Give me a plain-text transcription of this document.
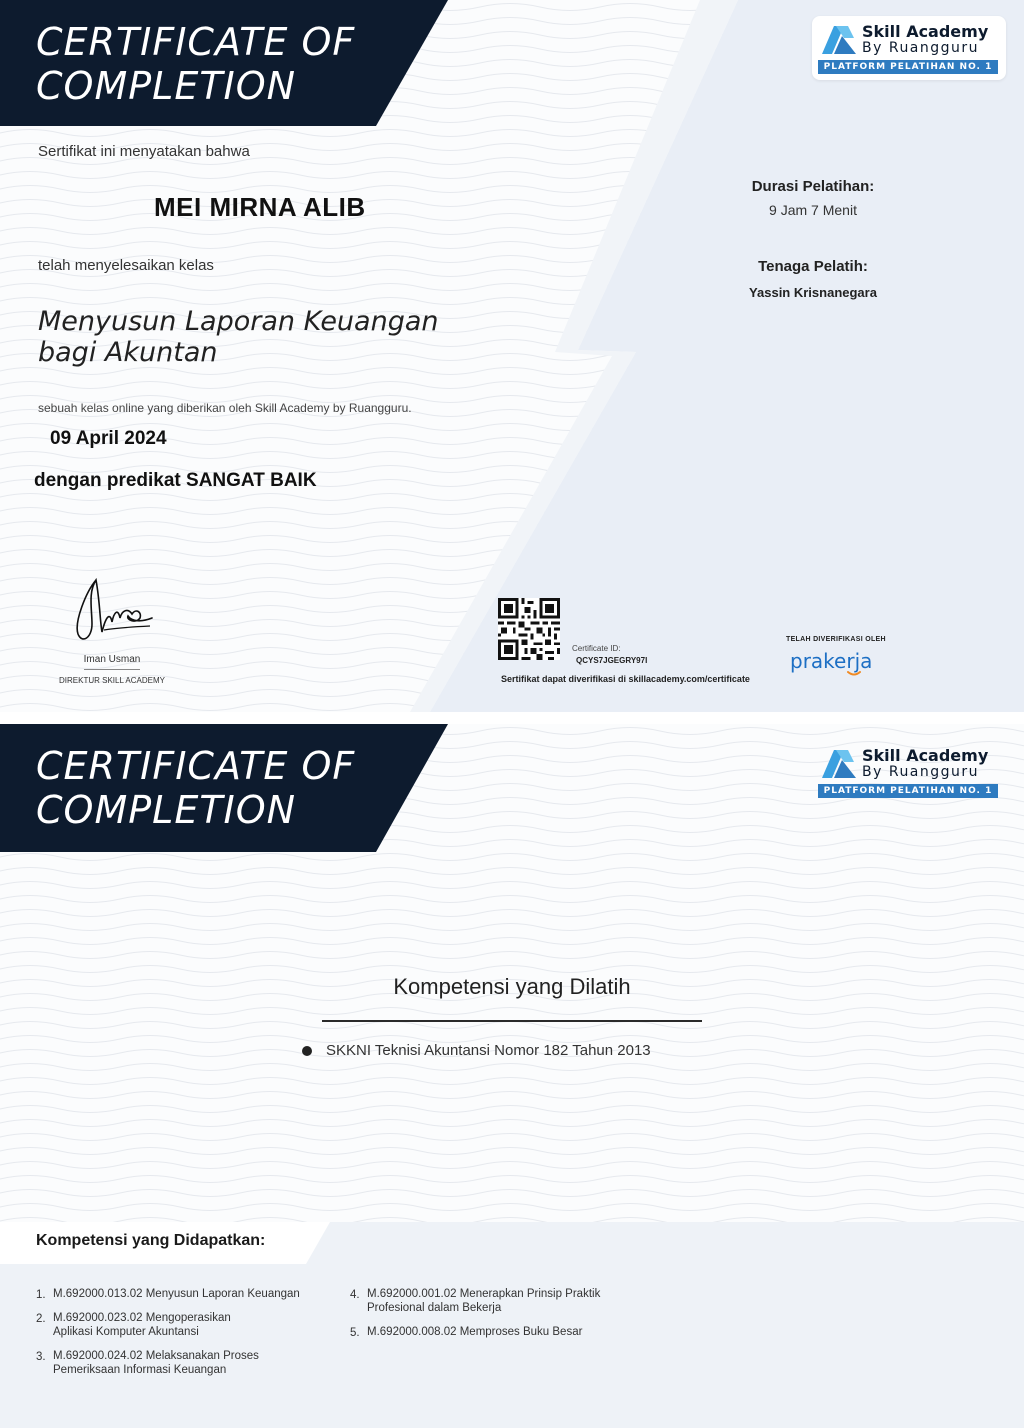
CERTIFICATE OF
COMPLETION
Skill Academy
By Ruangguru
PLATFORM PELATIHAN NO. 1
Sertifikat ini menyatakan bahwa
MEI MIRNA ALIB
telah menyelesaikan kelas
Menyusun Laporan Keuangan
bagi Akuntan
sebuah kelas online yang diberikan oleh Skill Academy by Ruangguru.
09 April 2024
dengan predikat SANGAT BAIK
Durasi Pelatihan:
9 Jam 7 Menit
Tenaga Pelatih:
Yassin Krisnanegara
Iman Usman
DIREKTUR SKILL ACADEMY
Certificate ID:
QCYS7JGEGRY97I
Sertifikat dapat diverifikasi di skillacademy.com/certificate
TELAH DIVERIFIKASI OLEH
prakerja
CERTIFICATE OF
COMPLETION
Skill Academy
By Ruangguru
PLATFORM PELATIHAN NO. 1
Kompetensi yang Dilatih
SKKNI Teknisi Akuntansi Nomor 182 Tahun 2013
Kompetensi yang Didapatkan:
1. M.692000.013.02 Menyusun Laporan Keuangan
2. M.692000.023.02 Mengoperasikan Aplikasi Komputer Akuntansi
3. M.692000.024.02 Melaksanakan Proses Pemeriksaan Informasi Keuangan
4. M.692000.001.02 Menerapkan Prinsip Praktik Profesional dalam Bekerja
5. M.692000.008.02 Memproses Buku Besar
